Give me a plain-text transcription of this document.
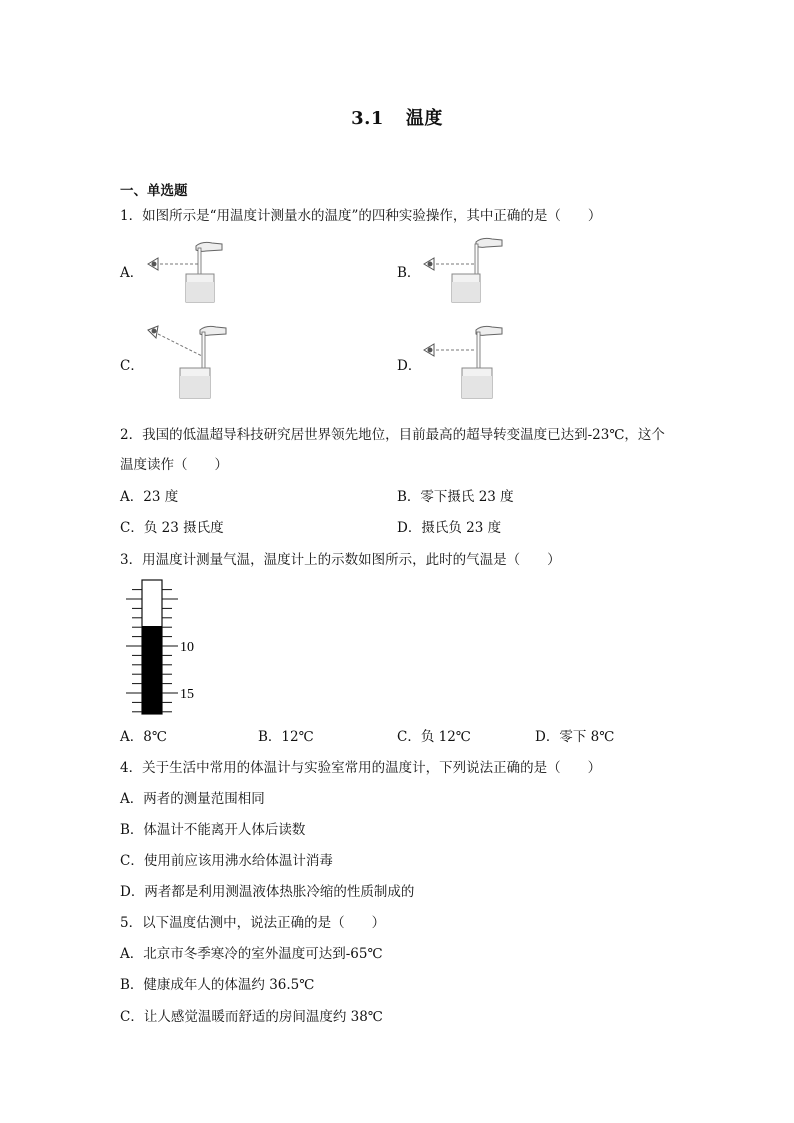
3.1 温度
一、单选题
1．如图所示是“用温度计测量水的温度”的四种实验操作，其中正确的是（　　）
A．	B．
C．	D．
2．我国的低温超导科技研究居世界领先地位，目前最高的超导转变温度已达到-23℃，这个
温度读作（　　）
A．23 度	B．零下摄氏 23 度
C．负 23 摄氏度	D．摄氏负 23 度
3．用温度计测量气温，温度计上的示数如图所示，此时的气温是（　　）
10
15
A．8℃	B．12℃	C．负 12℃	D．零下 8℃
4．关于生活中常用的体温计与实验室常用的温度计，下列说法正确的是（　　）
A．两者的测量范围相同
B．体温计不能离开人体后读数
C．使用前应该用沸水给体温计消毒
D．两者都是利用测温液体热胀冷缩的性质制成的
5．以下温度估测中，说法正确的是（　　）
A．北京市冬季寒冷的室外温度可达到-65℃
B．健康成年人的体温约 36.5℃
C．让人感觉温暖而舒适的房间温度约 38℃
